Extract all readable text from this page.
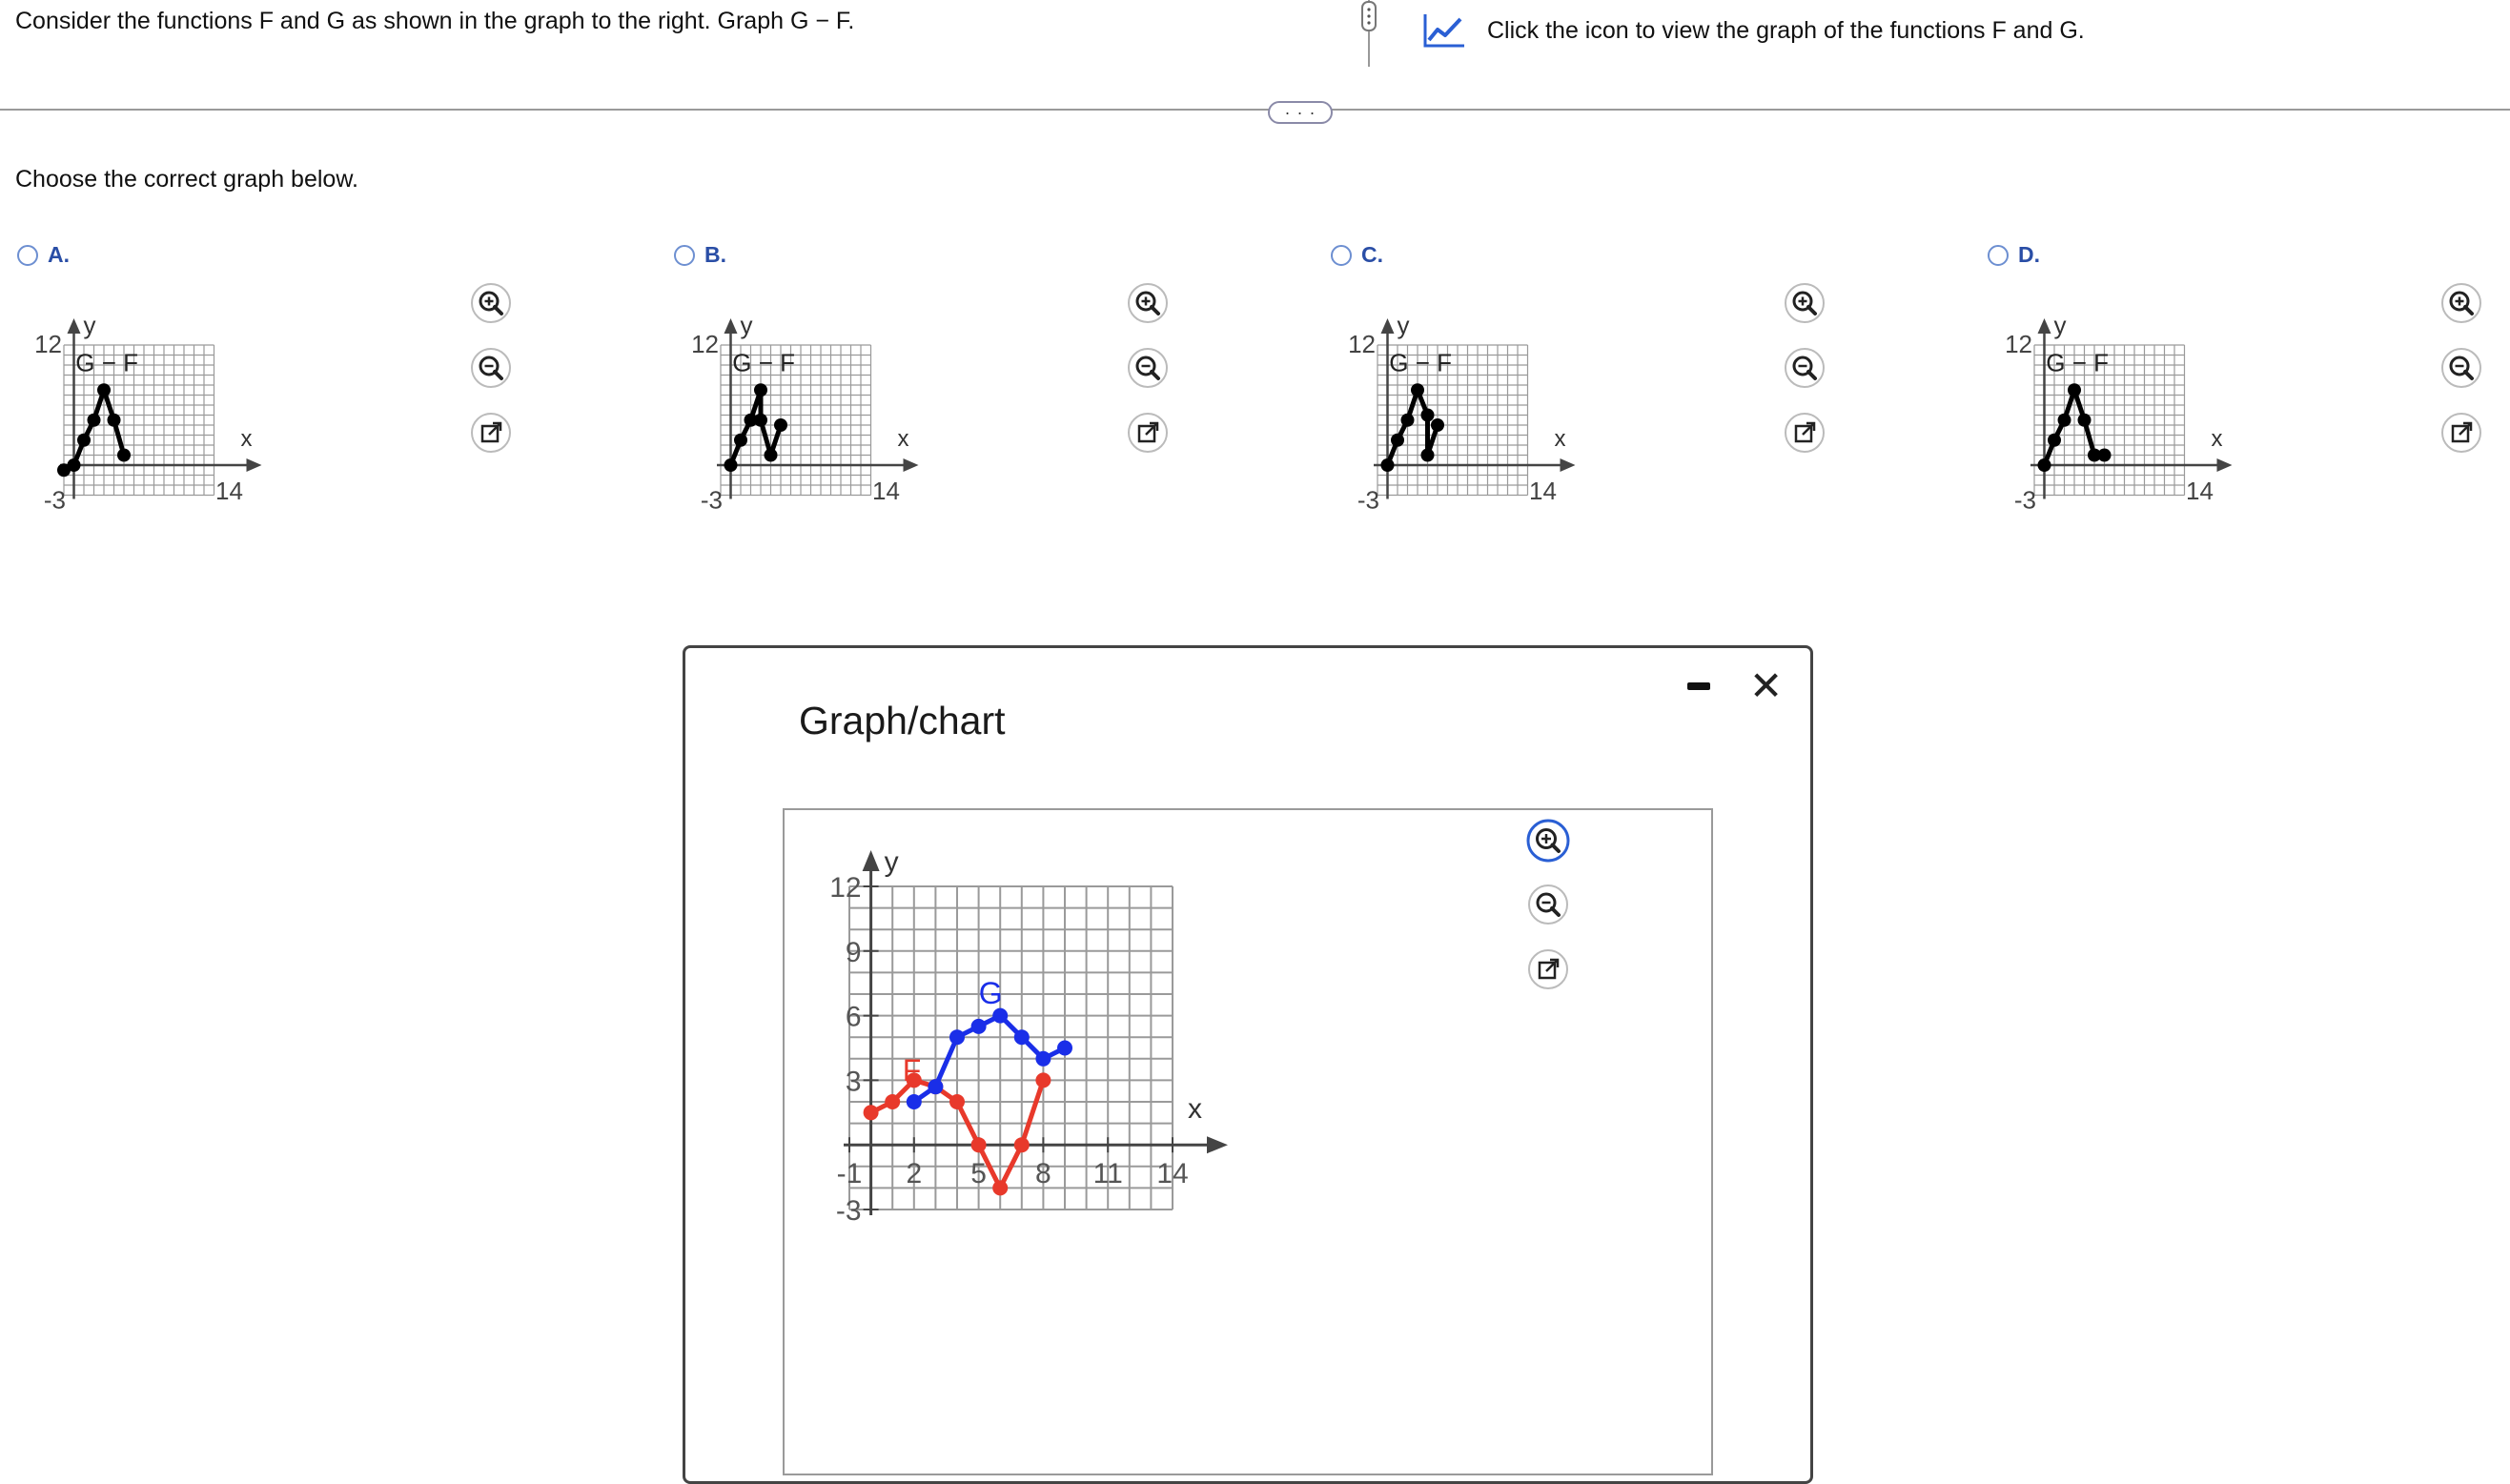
Consider the functions F and G as shown in the graph to the right. Graph G − F.	Click the icon to view the graph of the functions F and G.
· · ·
Choose the correct graph below.
A.	B.	C.	D.
y
x
12
-3	14
G − F
y
x
12
-3	14
G − F
y
x
12
-3	14
G − F
y
x
12
-3	14
G − F
Graph/chart
✕
y
x
-1 2 5 8 11 14
12
9
6
3
-3
F
G
